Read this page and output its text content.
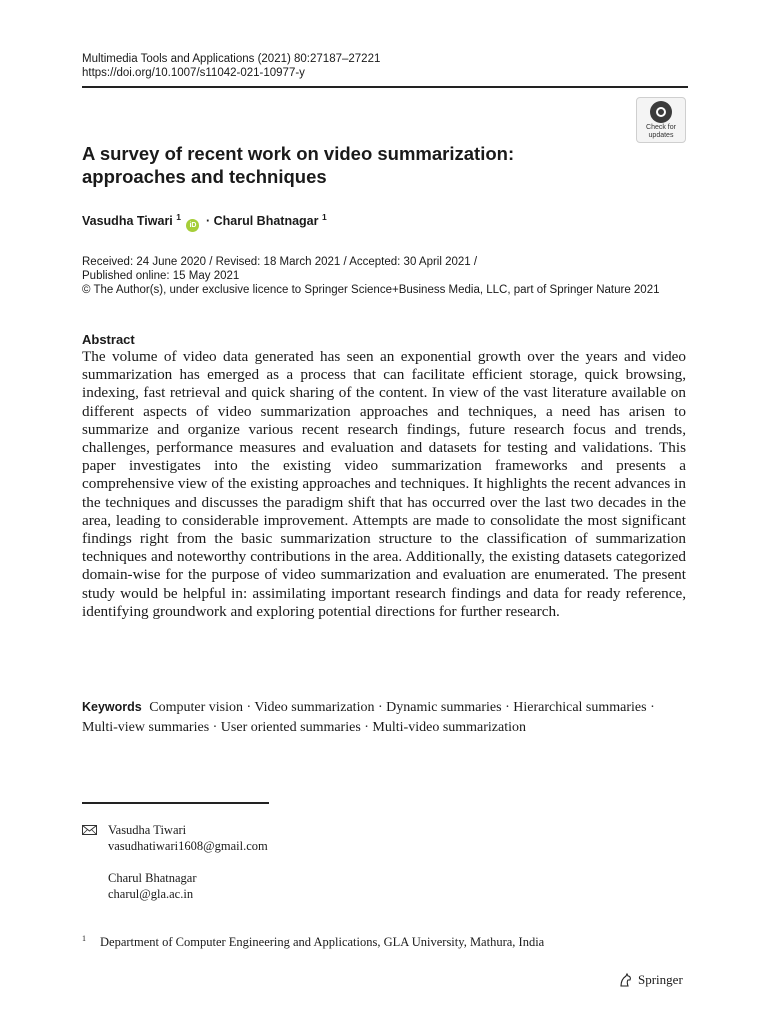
Multimedia Tools and Applications (2021) 80:27187–27221
https://doi.org/10.1007/s11042-021-10977-y
Check for
updates
A survey of recent work on video summarization:
approaches and techniques
Vasudha Tiwari $^1$ iD · Charul Bhatnagar $^1$
Received: 24 June 2020 / Revised: 18 March 2021 / Accepted: 30 April 2021 /
Published online: 15 May 2021
© The Author(s), under exclusive licence to Springer Science+Business Media, LLC, part of Springer Nature 2021
Abstract

The volume of video data generated has seen an exponential growth over the years and video summarization has emerged as a process that can facilitate efficient storage, quick browsing, indexing, fast retrieval and quick sharing of the content. In view of the vast literature available on different aspects of video summarization approaches and techniques, a need has arisen to summarize and organize various recent research findings, future research focus and trends, challenges, performance measures and evaluation and datasets for testing and validations. This paper investigates into the existing video summarization frameworks and presents a comprehensive view of the existing approaches and techniques. It highlights the recent advances in the techniques and discusses the paradigm shift that has occurred over the last two decades in the area, leading to considerable improvement. Attempts are made to consolidate the most significant findings right from the basic summarization structure to the classification of summarization techniques and noteworthy contributions in the area. Additionally, the existing datasets categorized domain-wise for the purpose of video summarization and evaluation are enumerated. The present study would be helpful in: assimilating important research findings and data for ready reference, identifying groundwork and exploring potential directions for further research.

Keywords Computer vision · Video summarization · Dynamic summaries · Hierarchical summaries · Multi-view summaries · User oriented summaries · Multi-video summarization
Vasudha Tiwari
vasudhatiwari1608@gmail.com
Charul Bhatnagar
charul@gla.ac.in
$^1$ Department of Computer Engineering and Applications, GLA University, Mathura, India
Springer
